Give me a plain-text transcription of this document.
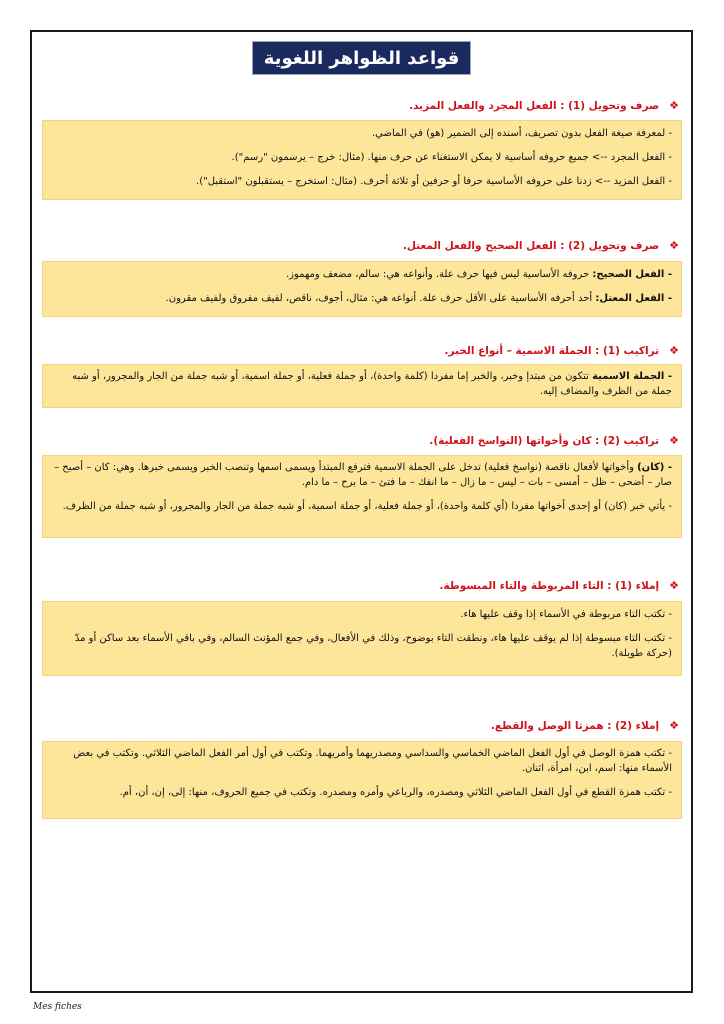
قواعد الظواهر اللغوية
❖
صرف وتحويل (1) : الفعل المجرد والفعل المزيد.

- لمعرفة صيغة الفعل بدون تصريف، أسنده إلى الضمير (هو) في الماضي.

- الفعل المجرد --> جميع حروفه أساسية لا يمكن الاستغناء عن حرف منها. (مثال: خرج – يرسمون "رسم").

- الفعل المزيد --> زدنا على حروفه الأساسية حرفا أو حرفين أو ثلاثة أحرف. (مثال: استخرج – يستقبلون "استقبل").

❖
صرف وتحويل (2) : الفعل الصحيح والفعل المعتل.

- الفعل الصحيح: حروفه الأساسية ليس فيها حرف علة. وأنواعه هي: سالم، مضعف ومهموز.

- الفعل المعتل: أحد أحرفه الأساسية على الأقل حرف علة. أنواعه هي: مثال، أجوف، ناقص، لفيف مفروق ولفيف مقرون.

❖
تراكيب (1) : الجملة الاسمية – أنواع الخبر.

- الجملة الاسمية تتكون من مبتدإ وخبر، والخبر إما مفردا (كلمة واحدة)، أو جملة فعلية، أو جملة اسمية، أو شبه جملة من الجار والمجرور، أو شبه جملة من الظرف والمضاف إليه.

❖
تراكيب (2) : كان وأخواتها (النواسخ الفعلية).

- (كان) وأخواتها لأفعال ناقصة (نواسخ فعلية) تدخل على الجملة الاسمية فترفع المبتدأ ويسمى اسمها وتنصب الخبر ويسمى خبرها. وهي: كان – أصبح – صار – أضحى – ظل – أمسى – بات – ليس – ما زال – ما انفك – ما فتئ – ما برح – ما دام.

- يأتي خبر (كان) أو إحدى أخواتها مفردا (أي كلمة واحدة)، أو جملة فعلية، أو جملة اسمية، أو شبه جملة من الجار والمجرور، أو شبه جملة من الظرف.

❖
إملاء (1) : التاء المربوطة والتاء المبسوطة.

- تكتب التاء مربوطة في الأسماء إذا وقف عليها هاء.

- تكتب التاء مبسوطة إذا لم يوقف عليها هاء، ونطقت التاء بوضوح، وذلك في الأفعال، وفي جمع المؤنث السالم، وفي باقي الأسماء بعد ساكن أو مدّ (حركة طويلة).

❖
إملاء (2) : همزتا الوصل والقطع.

- تكتب همزة الوصل في أول الفعل الماضي الخماسي والسداسي ومصدريهما وأمريهما. وتكتب في أول أمر الفعل الماضي الثلاثي. وتكتب في بعض الأسماء منها: اسم، ابن، امرأة، اثنان.

- تكتب همزة القطع في أول الفعل الماضي الثلاثي ومصدره، والرباعي وأمره ومصدره. وتكتب في جميع الحروف، منها: إلى، إن، أن، أم.

Mes fiches
